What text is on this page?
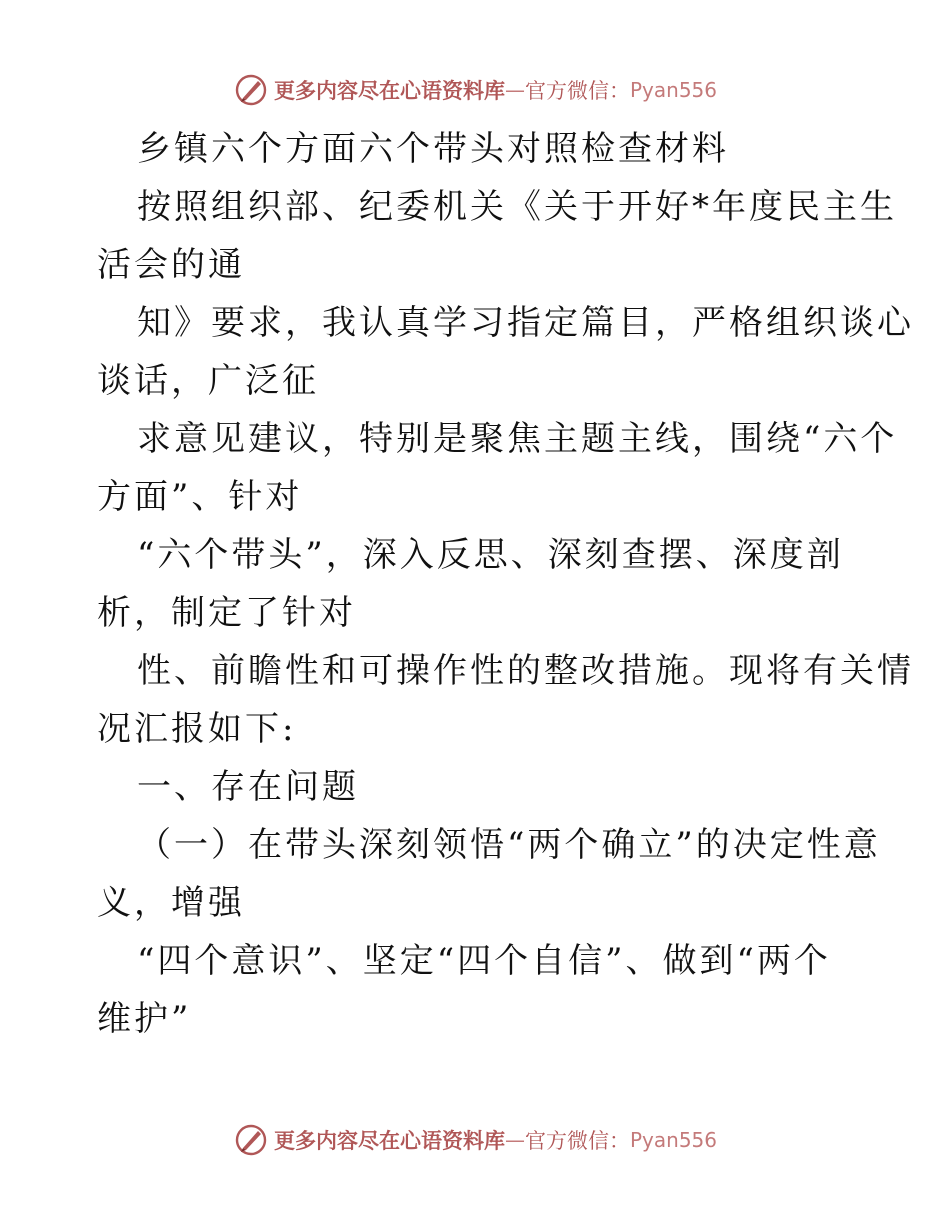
更多内容尽在心语资料库 — 官方微信： Pyan556
乡镇六个方面六个带头对照检查材料
按照组织部、纪委机关《关于开好*年度民主生
活会的通
知》要求，我认真学习指定篇目，严格组织谈心
谈话，广泛征
求意见建议，特别是聚焦主题主线，围绕“六个
方面”、针对
“六个带头”，深入反思、深刻查摆、深度剖
析，制定了针对
性、前瞻性和可操作性的整改措施。现将有关情
况汇报如下:
一、存在问题
（一）在带头深刻领悟“两个确立”的决定性意
义，增强
“四个意识”、坚定“四个自信”、做到“两个
维护”
更多内容尽在心语资料库 — 官方微信： Pyan556
